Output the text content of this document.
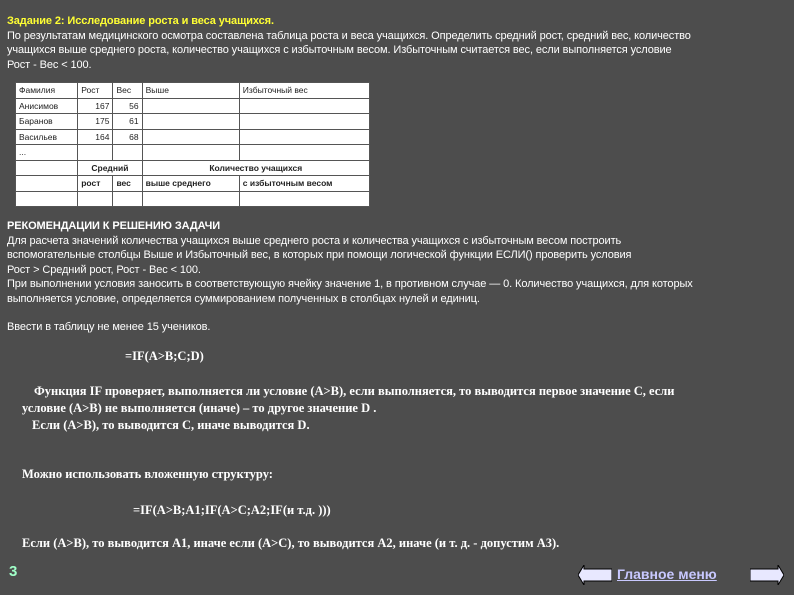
Задание 2: Исследование роста и веса учащихся.
По результатам медицинского осмотра составлена таблица роста и веса учащихся. Определить средний рост, средний вес, количество
учащихся выше среднего роста, количество учащихся с избыточным весом. Избыточным считается вес, если выполняется условие
Рост - Вес < 100.
Фамилия	Рост	Вес	Выше	Избыточный вес
Анисимов	167	56		
Баранов	175	61		
Васильев	164	68		
...				
	Средний		Количество учащихся	
	рост	вес	выше среднего	с избыточным весом

РЕКОМЕНДАЦИИ К РЕШЕНИЮ ЗАДАЧИ
Для расчета значений количества учащихся выше среднего роста и количества учащихся с избыточным весом построить
вспомогательные столбцы Выше и Избыточный вес, в которых при помощи логической функции ЕСЛИ() проверить условия
Рост > Средний рост, Рост - Вес < 100.
При выполнении условия заносить в соответствующую ячейку значение 1, в противном случае — 0. Количество учащихся, для которых
выполняется условие, определяется суммированием полученных в столбцах нулей и единиц.
Ввести в таблицу не менее 15 учеников.
=IF(A>B;C;D)
Функция IF проверяет, выполняется ли условие (A>B), если выполняется, то выводится первое значение C, если
условие (A>B) не выполняется (иначе) – то другое значение D .
Если (A>B), то выводится C, иначе выводится D.
Можно использовать вложенную структуру:
=IF(A>B;A1;IF(A>C;A2;IF(и т.д. )))
Если (A>B), то выводится A1, иначе если (A>C), то выводится A2, иначе (и т. д. - допустим A3).
3	Главное меню
